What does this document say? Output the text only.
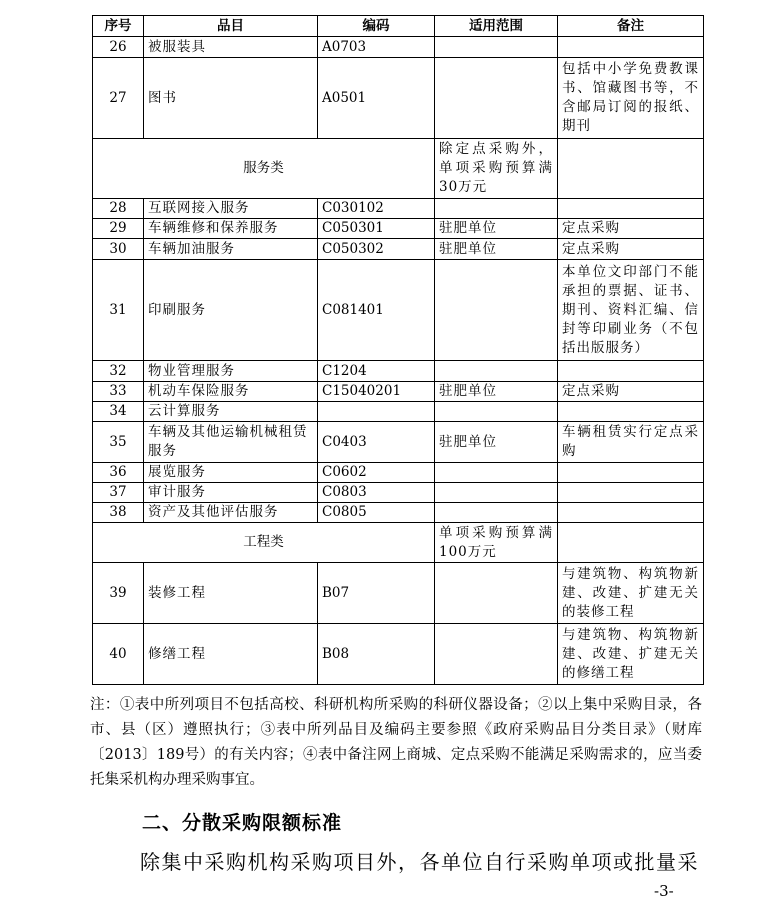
序号	品目	编码	适用范围	备注
26	被服装具	A0703		
27	图书	A0501		包括中小学免费教课书、馆藏图书等，不含邮局订阅的报纸、期刊
服务类			除定点采购外，单项采购预算满30万元	
28	互联网接入服务	C030102		
29	车辆维修和保养服务	C050301	驻肥单位	定点采购
30	车辆加油服务	C050302	驻肥单位	定点采购
31	印刷服务	C081401		本单位文印部门不能承担的票据、证书、期刊、资料汇编、信封等印刷业务（不包括出版服务）
32	物业管理服务	C1204		
33	机动车保险服务	C15040201	驻肥单位	定点采购
34	云计算服务			
35	车辆及其他运输机械租赁服务	C0403	驻肥单位	车辆租赁实行定点采购
36	展览服务	C0602		
37	审计服务	C0803		
38	资产及其他评估服务	C0805		
工程类			单项采购预算满100万元	
39	装修工程	B07		与建筑物、构筑物新建、改建、扩建无关的装修工程
40	修缮工程	B08		与建筑物、构筑物新建、改建、扩建无关的修缮工程

注：①表中所列项目不包括高校、科研机构所采购的科研仪器设备；②以上集中采购目录，各市、县（区）遵照执行；③表中所列品目及编码主要参照《政府采购品目分类目录》（财库〔2013〕189号）的有关内容；④表中备注网上商城、定点采购不能满足采购需求的，应当委托集采机构办理采购事宜。

二、分散采购限额标准

除集中采购机构采购项目外，各单位自行采购单项或批量采

-3-
